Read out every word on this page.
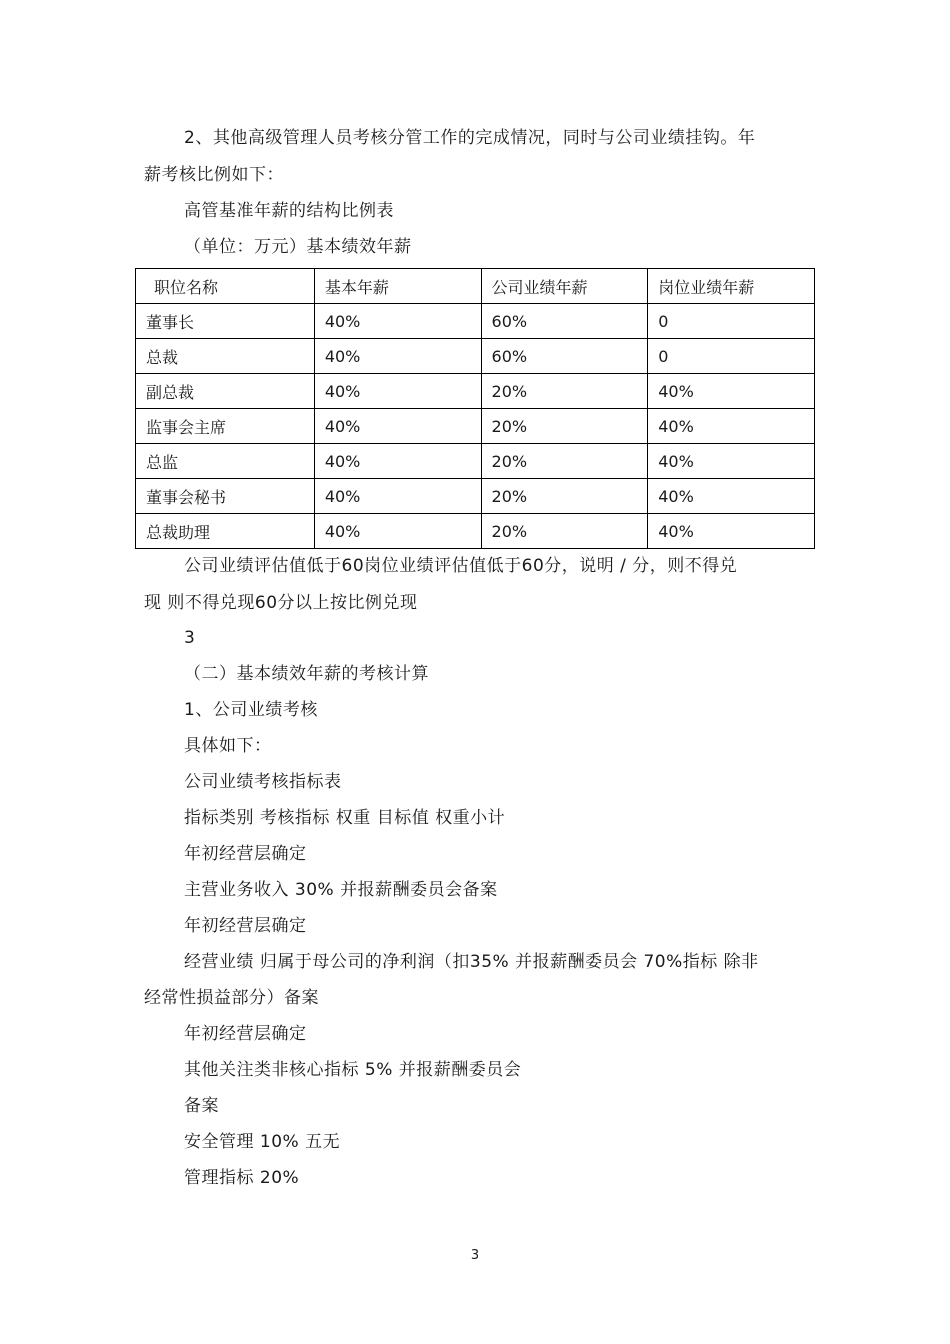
2、其他高级管理人员考核分管工作的完成情况，同时与公司业绩挂钩。年
薪考核比例如下：
高管基准年薪的结构比例表
（单位：万元）基本绩效年薪
职位名称	基本年薪	公司业绩年薪	岗位业绩年薪
董事长	40%	60%	0
总裁	40%	60%	0
副总裁	40%	20%	40%
监事会主席	40%	20%	40%
总监	40%	20%	40%
董事会秘书	40%	20%	40%
总裁助理	40%	20%	40%
公司业绩评估值低于60岗位业绩评估值低于60分，说明 / 分，则不得兑
现 则不得兑现60分以上按比例兑现
3
（二）基本绩效年薪的考核计算
1、公司业绩考核
具体如下：
公司业绩考核指标表
指标类别 考核指标 权重 目标值 权重小计
年初经营层确定
主营业务收入 30% 并报薪酬委员会备案
年初经营层确定
经营业绩 归属于母公司的净利润（扣35% 并报薪酬委员会 70%指标 除非
经常性损益部分）备案
年初经营层确定
其他关注类非核心指标 5% 并报薪酬委员会
备案
安全管理 10% 五无
管理指标 20%
3
